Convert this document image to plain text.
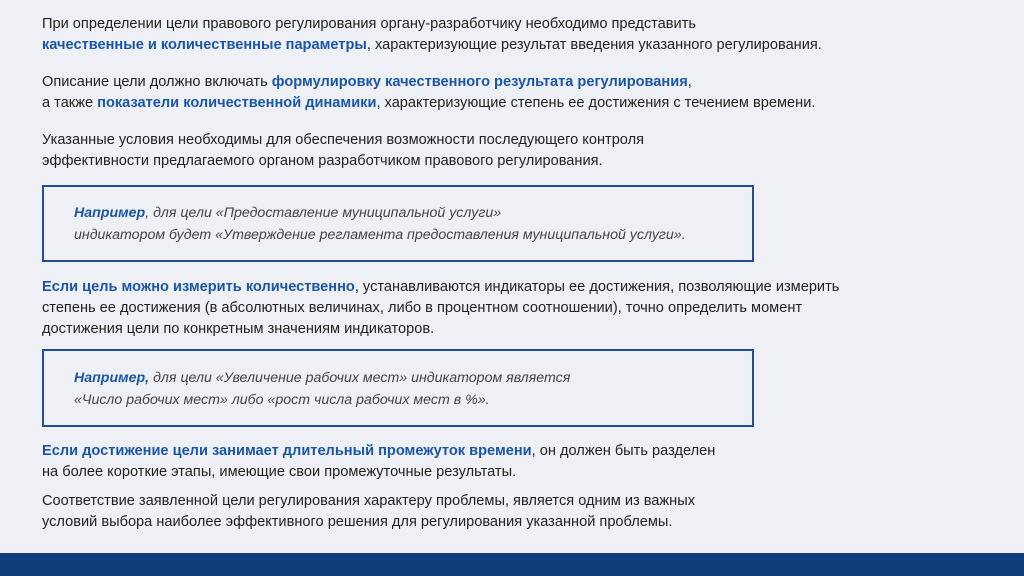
При определении цели правового регулирования органу-разработчику необходимо представить
качественные и количественные параметры, характеризующие результат введения указанного регулирования.
Описание цели должно включать формулировку качественного результата регулирования,
а также показатели количественной динамики, характеризующие степень ее достижения с течением времени.
Указанные условия необходимы для обеспечения возможности последующего контроля
эффективности предлагаемого органом разработчиком правового регулирования.
Например, для цели «Предоставление муниципальной услуги»
индикатором будет «Утверждение регламента предоставления муниципальной услуги».
Если цель можно измерить количественно, устанавливаются индикаторы ее достижения, позволяющие измерить
степень ее достижения (в абсолютных величинах, либо в процентном соотношении), точно определить момент
достижения цели по конкретным значениям индикаторов.
Например, для цели «Увеличение рабочих мест» индикатором является
«Число рабочих мест» либо «рост числа рабочих мест в %».
Если достижение цели занимает длительный промежуток времени, он должен быть разделен
на более короткие этапы, имеющие свои промежуточные результаты.
Соответствие заявленной цели регулирования характеру проблемы, является одним из важных
условий выбора наиболее эффективного решения для регулирования указанной проблемы.
